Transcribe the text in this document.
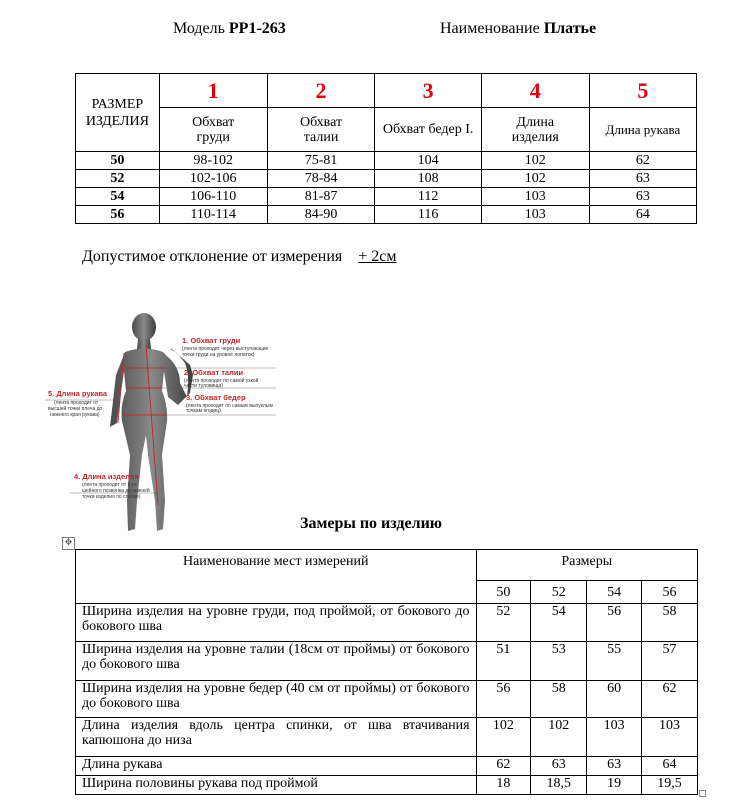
Модель РР1-263	Наименование Платье
РАЗМЕР ИЗДЕЛИЯ	1	2	3	4	5
	Обхват груди	Обхват талии	Обхват бедер І.	Длина изделия	Длина рукава
50	98-102	75-81	104	102	62
52	102-106	78-84	108	102	63
54	106-110	81-87	112	103	63
56	110-114	84-90	116	103	64
Допустимое отклонение от измерения + 2см
1. Обхват груди
(лента проходит через выступающие
точки груди на уровне лопаток)
2. Обхват талии
(лента проходит по самой узкой
части туловища)
3. Обхват бедер
(лента проходит по самым выпуклым
точкам ягодиц)
5. Длина рукава
(лента проходит от
высшей точки плеча до
нижнего края рукава)
4. Длина изделия
(лента проходит от 6-го
шейного позвонка до нижней
точки изделия по спинке)
Замеры по изделию
✥
Наименование мест измерений	Размеры			
	50	52	54	56
Ширина изделия на уровне груди, под проймой, от бокового до бокового шва	52	54	56	58
Ширина изделия на уровне талии (18см от проймы) от бокового до бокового шва	51	53	55	57
Ширина изделия на уровне бедер (40 см от проймы) от бокового до бокового шва	56	58	60	62
Длина изделия вдоль центра спинки, от шва втачивания капюшона до низа	102	102	103	103
Длина рукава	62	63	63	64
Ширина половины рукава под проймой	18	18,5	19	19,5
